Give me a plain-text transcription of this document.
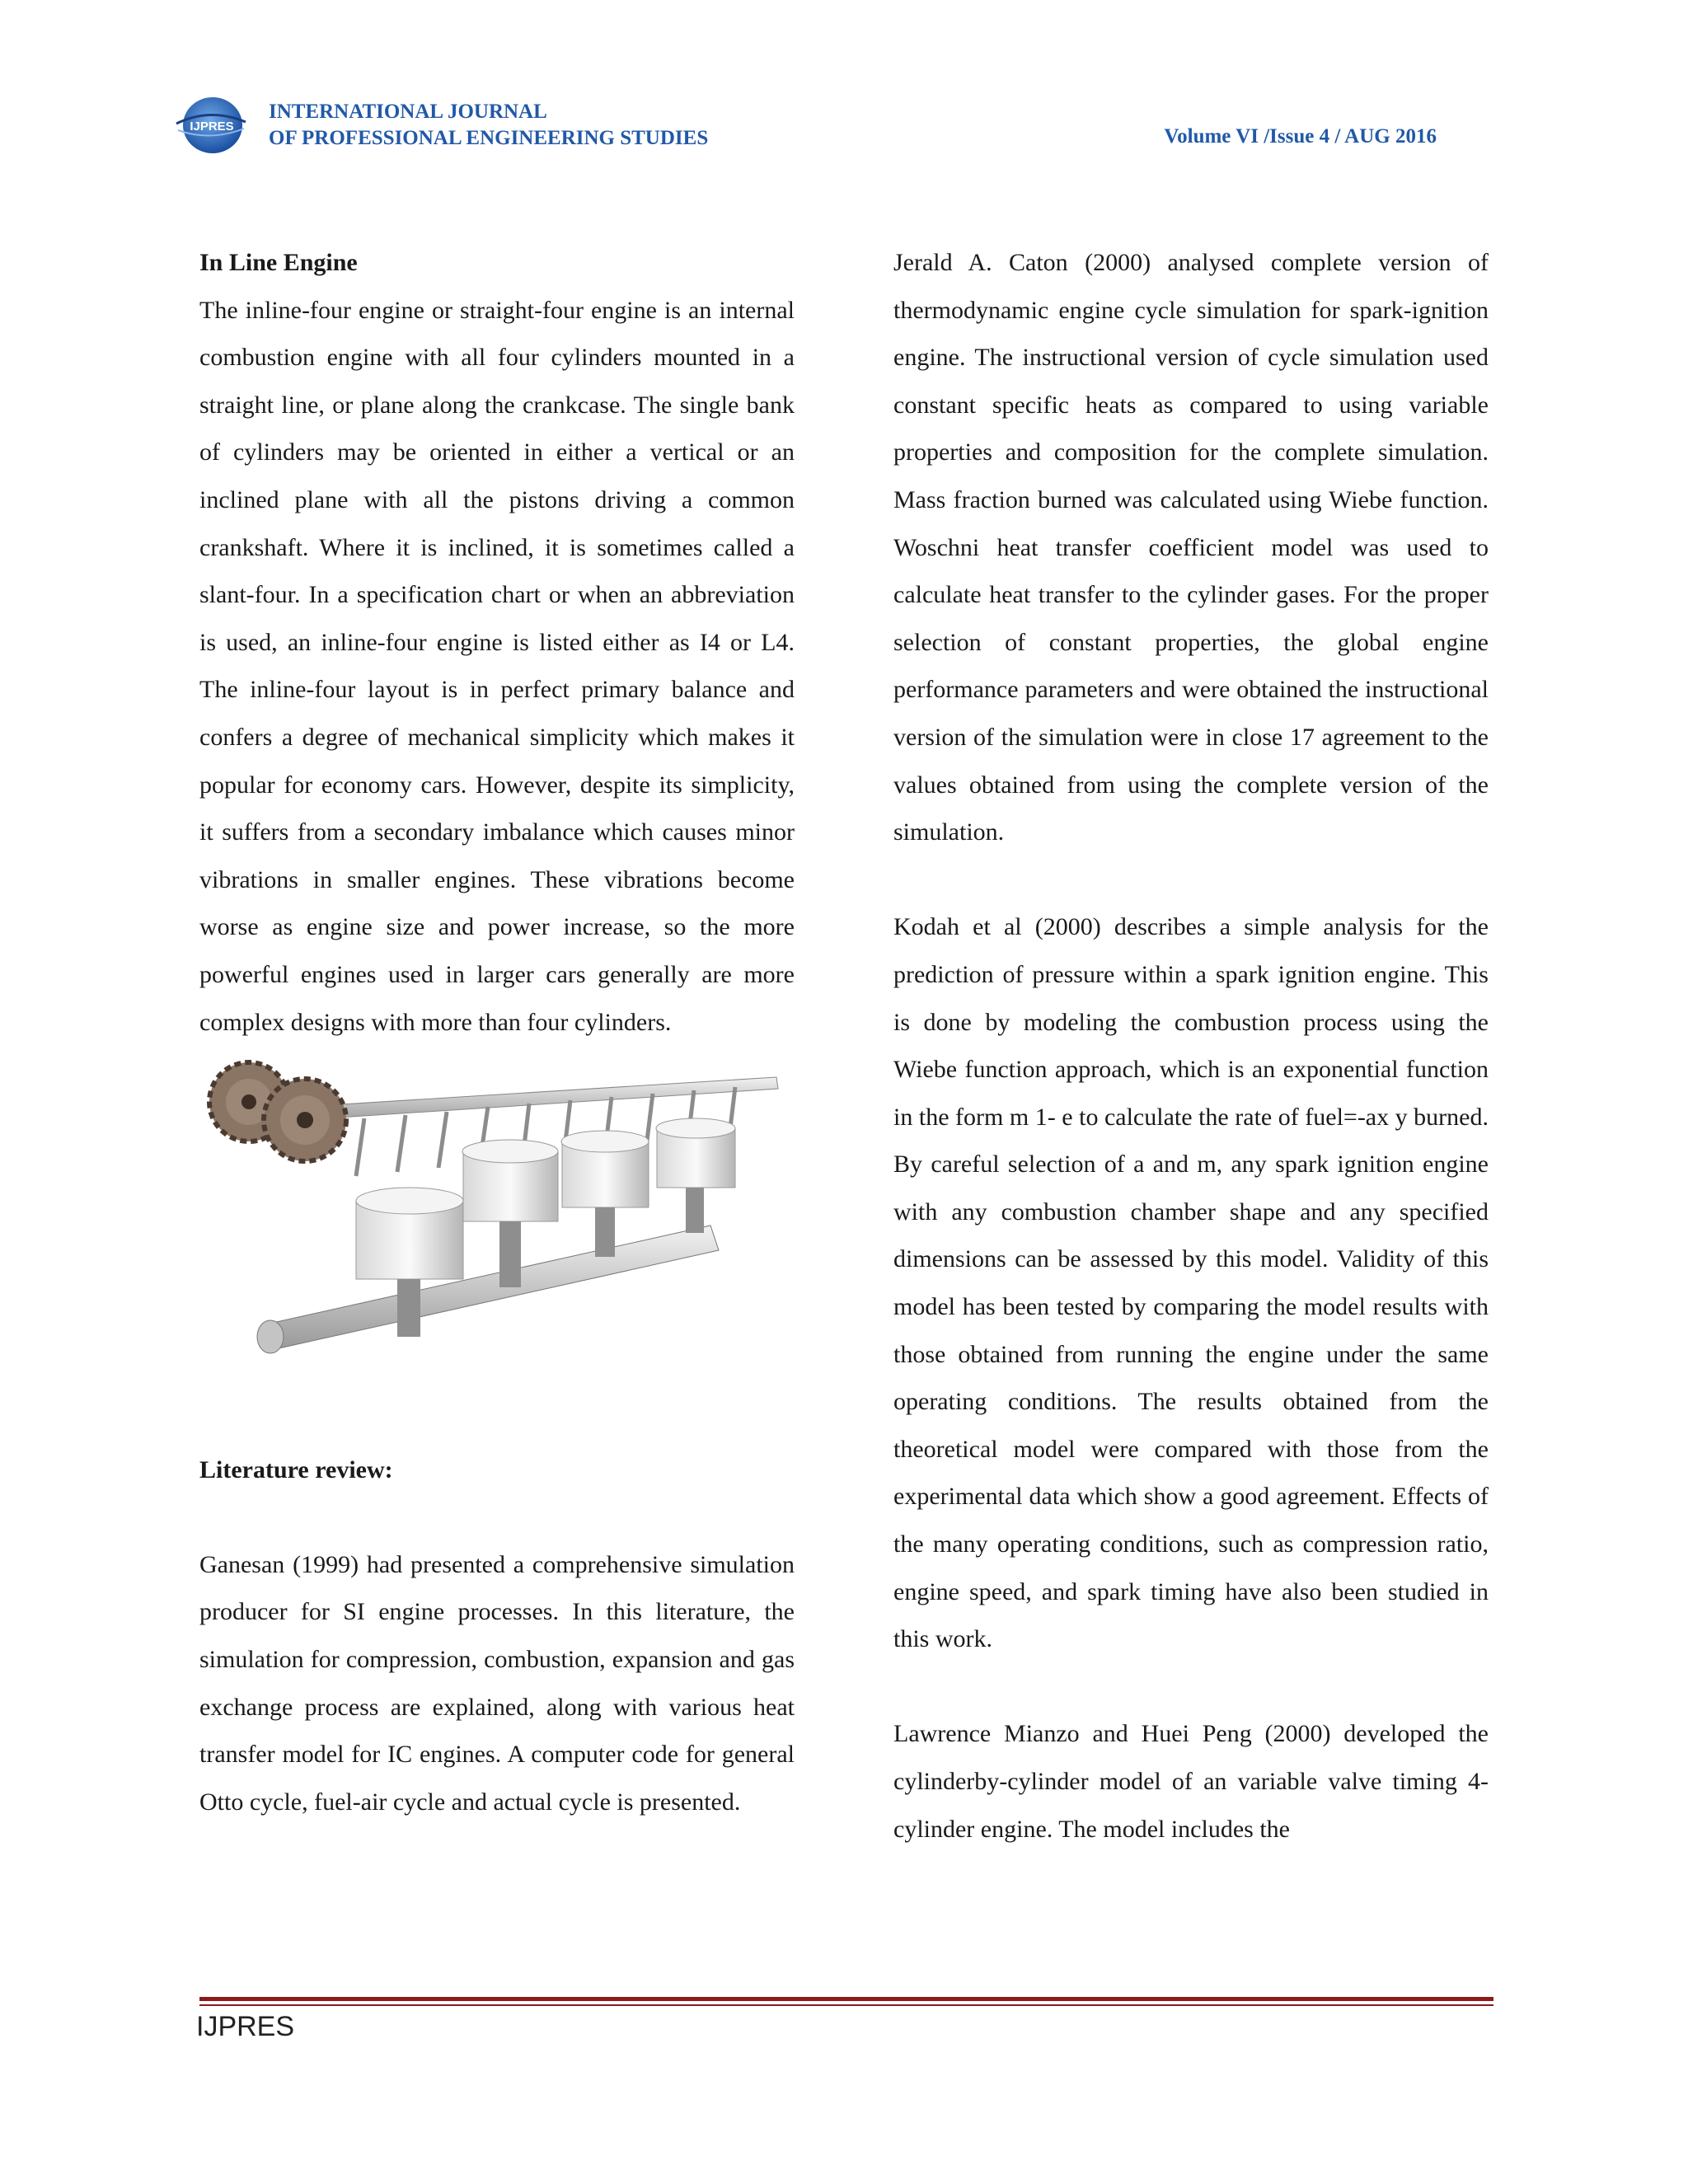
IJPRES
INTERNATIONAL JOURNAL
OF PROFESSIONAL ENGINEERING STUDIES	Volume VI /Issue 4 / AUG 2016

In Line Engine

The inline-four engine or straight-four engine is an internal combustion engine with all four cylinders mounted in a straight line, or plane along the crankcase. The single bank of cylinders may be oriented in either a vertical or an inclined plane with all the pistons driving a common crankshaft. Where it is inclined, it is sometimes called a slant-four. In a specification chart or when an abbreviation is used, an inline-four engine is listed either as I4 or L4. The inline-four layout is in perfect primary balance and confers a degree of mechanical simplicity which makes it popular for economy cars. However, despite its simplicity, it suffers from a secondary imbalance which causes minor vibrations in smaller engines. These vibrations become worse as engine size and power increase, so the more powerful engines used in larger cars generally are more complex designs with more than four cylinders.

Literature review:

Ganesan (1999) had presented a comprehensive simulation producer for SI engine processes. In this literature, the simulation for compression, combustion, expansion and gas exchange process are explained, along with various heat transfer model for IC engines. A computer code for general Otto cycle, fuel-air cycle and actual cycle is presented.

Jerald A. Caton (2000) analysed complete version of thermodynamic engine cycle simulation for spark-ignition engine. The instructional version of cycle simulation used constant specific heats as compared to using variable properties and composition for the complete simulation. Mass fraction burned was calculated using Wiebe function. Woschni heat transfer coefficient model was used to calculate heat transfer to the cylinder gases. For the proper selection of constant properties, the global engine performance parameters and were obtained the instructional version of the simulation were in close 17 agreement to the values obtained from using the complete version of the simulation.

Kodah et al (2000) describes a simple analysis for the prediction of pressure within a spark ignition engine. This is done by modeling the combustion process using the Wiebe function approach, which is an exponential function in the form m 1- e to calculate the rate of fuel=-ax y burned. By careful selection of a and m, any spark ignition engine with any combustion chamber shape and any specified dimensions can be assessed by this model. Validity of this model has been tested by comparing the model results with those obtained from running the engine under the same operating conditions. The results obtained from the theoretical model were compared with those from the experimental data which show a good agreement. Effects of the many operating conditions, such as compression ratio, engine speed, and spark timing have also been studied in this work.

Lawrence Mianzo and Huei Peng (2000) developed the cylinderby-cylinder model of an variable valve timing 4-cylinder engine. The model includes the

IJPRES
